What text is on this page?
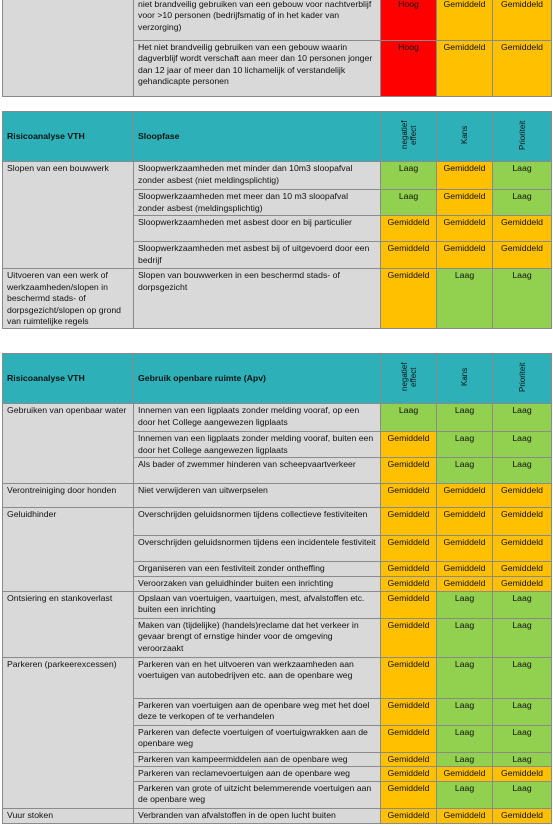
	niet brandveilig gebruiken van een gebouw voor nachtverblijf voor >10 personen (bedrijfsmatig of in het kader van verzorging)	Hoog	Gemiddeld	Gemiddeld
	Het niet brandveilig gebruiken van een gebouw waarin dagverblijf wordt verschaft aan meer dan 10 personen jonger dan 12 jaar of meer dan 10 lichamelijk of verstandelijk gehandicapte personen	Hoog	Gemiddeld	Gemiddeld
Risicoanalyse VTH	Sloopfase	negatief effect	Kans	Prioriteit
Slopen van een bouwwerk	Sloopwerkzaamheden met minder dan 10m3 sloopafval zonder asbest (niet meldingsplichtig)	Laag	Gemiddeld	Laag
	Sloopwerkzaamheden met meer dan 10 m3 sloopafval zonder asbest (meldingsplichtig)	Laag	Gemiddeld	Laag
	Sloopwerkzaamheden met asbest door en bij particulier	Gemiddeld	Gemiddeld	Gemiddeld
	Sloopwerkzaamheden met asbest bij of uitgevoerd door een bedrijf	Gemiddeld	Gemiddeld	Gemiddeld
Uitvoeren van een werk of werkzaamheden/slopen in beschermd stads- of dorpsgezicht/slopen op grond van ruimtelijke regels	Slopen van bouwwerken in een beschermd stads- of dorpsgezicht	Gemiddeld	Laag	Laag
Risicoanalyse VTH	Gebruik openbare ruimte (Apv)	negatief effect	Kans	Prioriteit
Gebruiken van openbaar water	Innemen van een ligplaats zonder melding vooraf, op een door het College aangewezen ligplaats	Laag	Laag	Laag
	Innemen van een ligplaats zonder melding vooraf, buiten een door het College aangewezen ligplaats	Gemiddeld	Laag	Laag
	Als bader of zwemmer hinderen van scheepvaartverkeer	Gemiddeld	Laag	Laag
Verontreiniging door honden	Niet verwijderen van uitwerpselen	Gemiddeld	Gemiddeld	Gemiddeld
Geluidhinder	Overschrijden geluidsnormen tijdens collectieve festiviteiten	Gemiddeld	Gemiddeld	Gemiddeld
	Overschrijden geluidsnormen tijdens een incidentele festiviteit	Gemiddeld	Gemiddeld	Gemiddeld
	Organiseren van een festiviteit zonder ontheffing	Gemiddeld	Gemiddeld	Gemiddeld
	Veroorzaken van geluidhinder buiten een inrichting	Gemiddeld	Gemiddeld	Gemiddeld
Ontsiering en stankoverlast	Opslaan van voertuigen, vaartuigen, mest, afvalstoffen etc. buiten een inrichting	Gemiddeld	Laag	Laag
	Maken van (tijdelijke) (handels)reclame dat het verkeer in gevaar brengt of ernstige hinder voor de omgeving veroorzaakt	Gemiddeld	Laag	Laag
Parkeren (parkeerexcessen)	Parkeren van en het uitvoeren van werkzaamheden aan voertuigen van autobedrijven etc. aan de openbare weg	Gemiddeld	Laag	Laag
	Parkeren van voertuigen aan de openbare weg met het doel deze te verkopen of te verhandelen	Gemiddeld	Laag	Laag
	Parkeren van defecte voertuigen of voertuigwrakken aan de openbare weg	Gemiddeld	Laag	Laag
	Parkeren van kampeermiddelen aan de openbare weg	Gemiddeld	Laag	Laag
	Parkeren van reclamevoertuigen aan de openbare weg	Gemiddeld	Gemiddeld	Gemiddeld
	Parkeren van grote of uitzicht belemmerende voertuigen aan de openbare weg	Gemiddeld	Laag	Laag
Vuur stoken	Verbranden van afvalstoffen in de open lucht buiten	Gemiddeld	Gemiddeld	Gemiddeld
